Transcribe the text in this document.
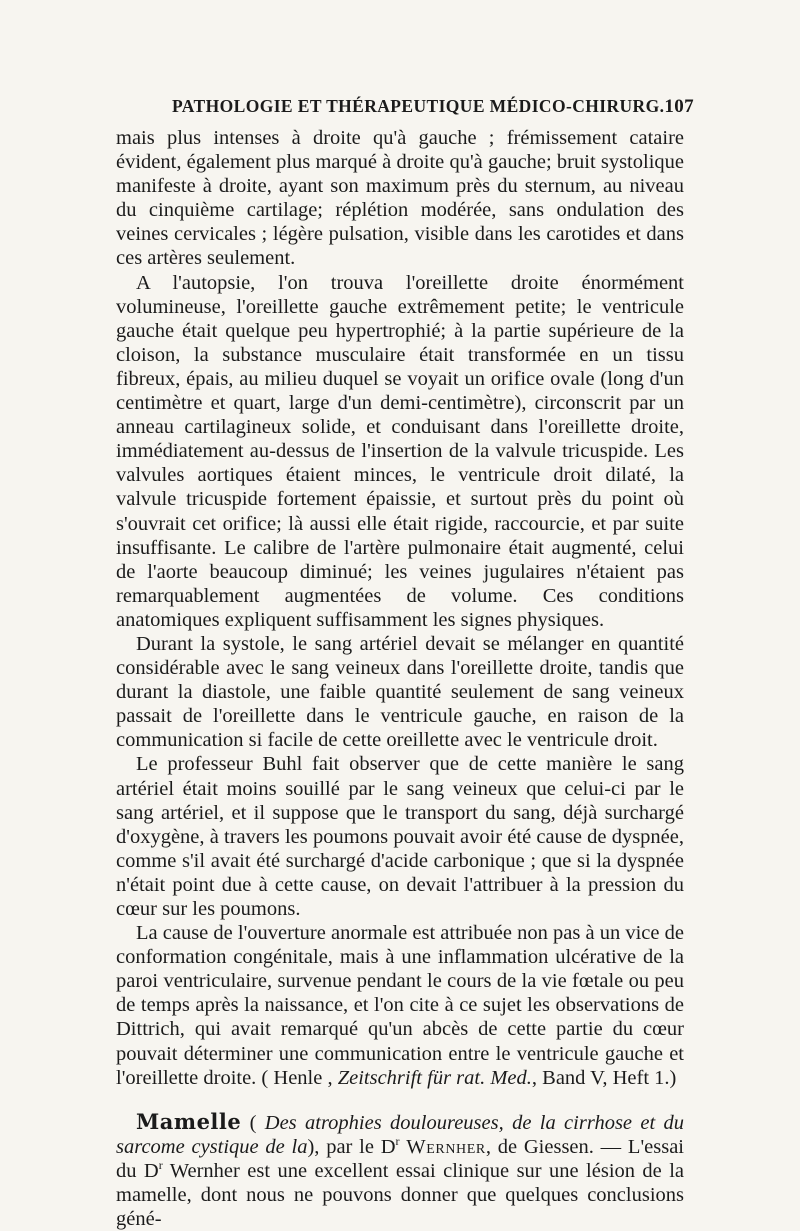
PATHOLOGIE ET THÉRAPEUTIQUE MÉDICO-CHIRURG. 107

mais plus intenses à droite qu'à gauche ; frémissement cataire évident, également plus marqué à droite qu'à gauche; bruit systolique manifeste à droite, ayant son maximum près du sternum, au niveau du cinquième cartilage; réplétion modérée, sans ondulation des veines cervicales ; légère pulsation, visible dans les carotides et dans ces artères seulement.

A l'autopsie, l'on trouva l'oreillette droite énormément volumineuse, l'oreillette gauche extrêmement petite; le ventricule gauche était quelque peu hypertrophié; à la partie supérieure de la cloison, la substance musculaire était transformée en un tissu fibreux, épais, au milieu duquel se voyait un orifice ovale (long d'un centimètre et quart, large d'un demi-centimètre), circonscrit par un anneau cartilagineux solide, et conduisant dans l'oreillette droite, immédiatement au-dessus de l'insertion de la valvule tricuspide. Les valvules aortiques étaient minces, le ventricule droit dilaté, la valvule tricuspide fortement épaissie, et surtout près du point où s'ouvrait cet orifice; là aussi elle était rigide, raccourcie, et par suite insuffisante. Le calibre de l'artère pulmonaire était augmenté, celui de l'aorte beaucoup diminué; les veines jugulaires n'étaient pas remarquablement augmentées de volume. Ces conditions anatomiques expliquent suffisamment les signes physiques.

Durant la systole, le sang artériel devait se mélanger en quantité considérable avec le sang veineux dans l'oreillette droite, tandis que durant la diastole, une faible quantité seulement de sang veineux passait de l'oreillette dans le ventricule gauche, en raison de la communication si facile de cette oreillette avec le ventricule droit.

Le professeur Buhl fait observer que de cette manière le sang artériel était moins souillé par le sang veineux que celui-ci par le sang artériel, et il suppose que le transport du sang, déjà surchargé d'oxygène, à travers les poumons pouvait avoir été cause de dyspnée, comme s'il avait été surchargé d'acide carbonique ; que si la dyspnée n'était point due à cette cause, on devait l'attribuer à la pression du cœur sur les poumons.

La cause de l'ouverture anormale est attribuée non pas à un vice de conformation congénitale, mais à une inflammation ulcérative de la paroi ventriculaire, survenue pendant le cours de la vie fœtale ou peu de temps après la naissance, et l'on cite à ce sujet les observations de Dittrich, qui avait remarqué qu'un abcès de cette partie du cœur pouvait déterminer une communication entre le ventricule gauche et l'oreillette droite. ( Henle , Zeitschrift für rat. Med., Band V, Heft 1.)

Mamelle ( Des atrophies douloureuses, de la cirrhose et du sarcome cystique de la), par le $D^r$ Wernher, de Giessen. — L'essai du $D^r$ Wernher est une excellent essai clinique sur une lésion de la mamelle, dont nous ne pouvons donner que quelques conclusions géné-
